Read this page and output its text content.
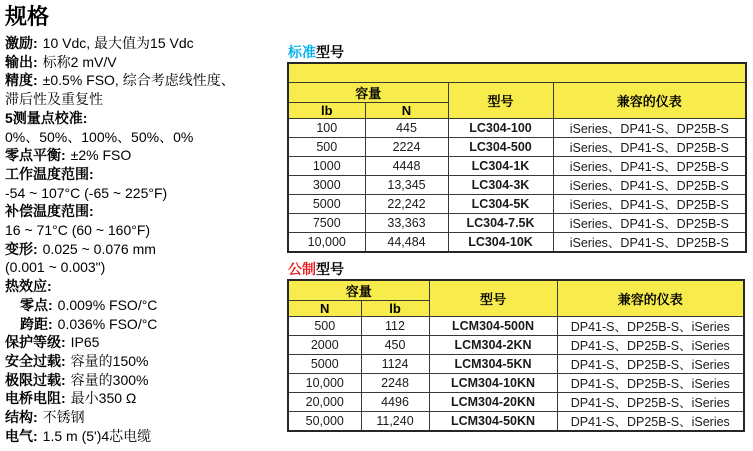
规格
激励: 10 Vdc, 最大值为15 Vdc
输出: 标称2 mV/V
精度: ±0.5% FSO, 综合考虑线性度、
滞后性及重复性
5测量点校准:
0%、50%、100%、50%、0%
零点平衡: ±2% FSO
工作温度范围:
-54 ~ 107°C (-65 ~ 225°F)
补偿温度范围:
16 ~ 71°C (60 ~ 160°F)
变形: 0.025 ~ 0.076 mm
(0.001 ~ 0.003")
热效应:
零点: 0.009% FSO/°C
跨距: 0.036% FSO/°C
保护等级: IP65
安全过载: 容量的150%
极限过载: 容量的300%
电桥电阻: 最小350 Ω
结构: 不锈钢
电气: 1.5 m (5')4芯电缆
标准型号

容量		型号	兼容的仪表
lb	N		
100	445	LC304-100	iSeries、DP41-S、DP25B-S
500	2224	LC304-500	iSeries、DP41-S、DP25B-S
1000	4448	LC304-1K	iSeries、DP41-S、DP25B-S
3000	13,345	LC304-3K	iSeries、DP41-S、DP25B-S
5000	22,242	LC304-5K	iSeries、DP41-S、DP25B-S
7500	33,363	LC304-7.5K	iSeries、DP41-S、DP25B-S
10,000	44,484	LC304-10K	iSeries、DP41-S、DP25B-S
公制型号
容量		型号	兼容的仪表
N	lb		
500	112	LCM304-500N	DP41-S、DP25B-S、iSeries
2000	450	LCM304-2KN	DP41-S、DP25B-S、iSeries
5000	1124	LCM304-5KN	DP41-S、DP25B-S、iSeries
10,000	2248	LCM304-10KN	DP41-S、DP25B-S、iSeries
20,000	4496	LCM304-20KN	DP41-S、DP25B-S、iSeries
50,000	11,240	LCM304-50KN	DP41-S、DP25B-S、iSeries
